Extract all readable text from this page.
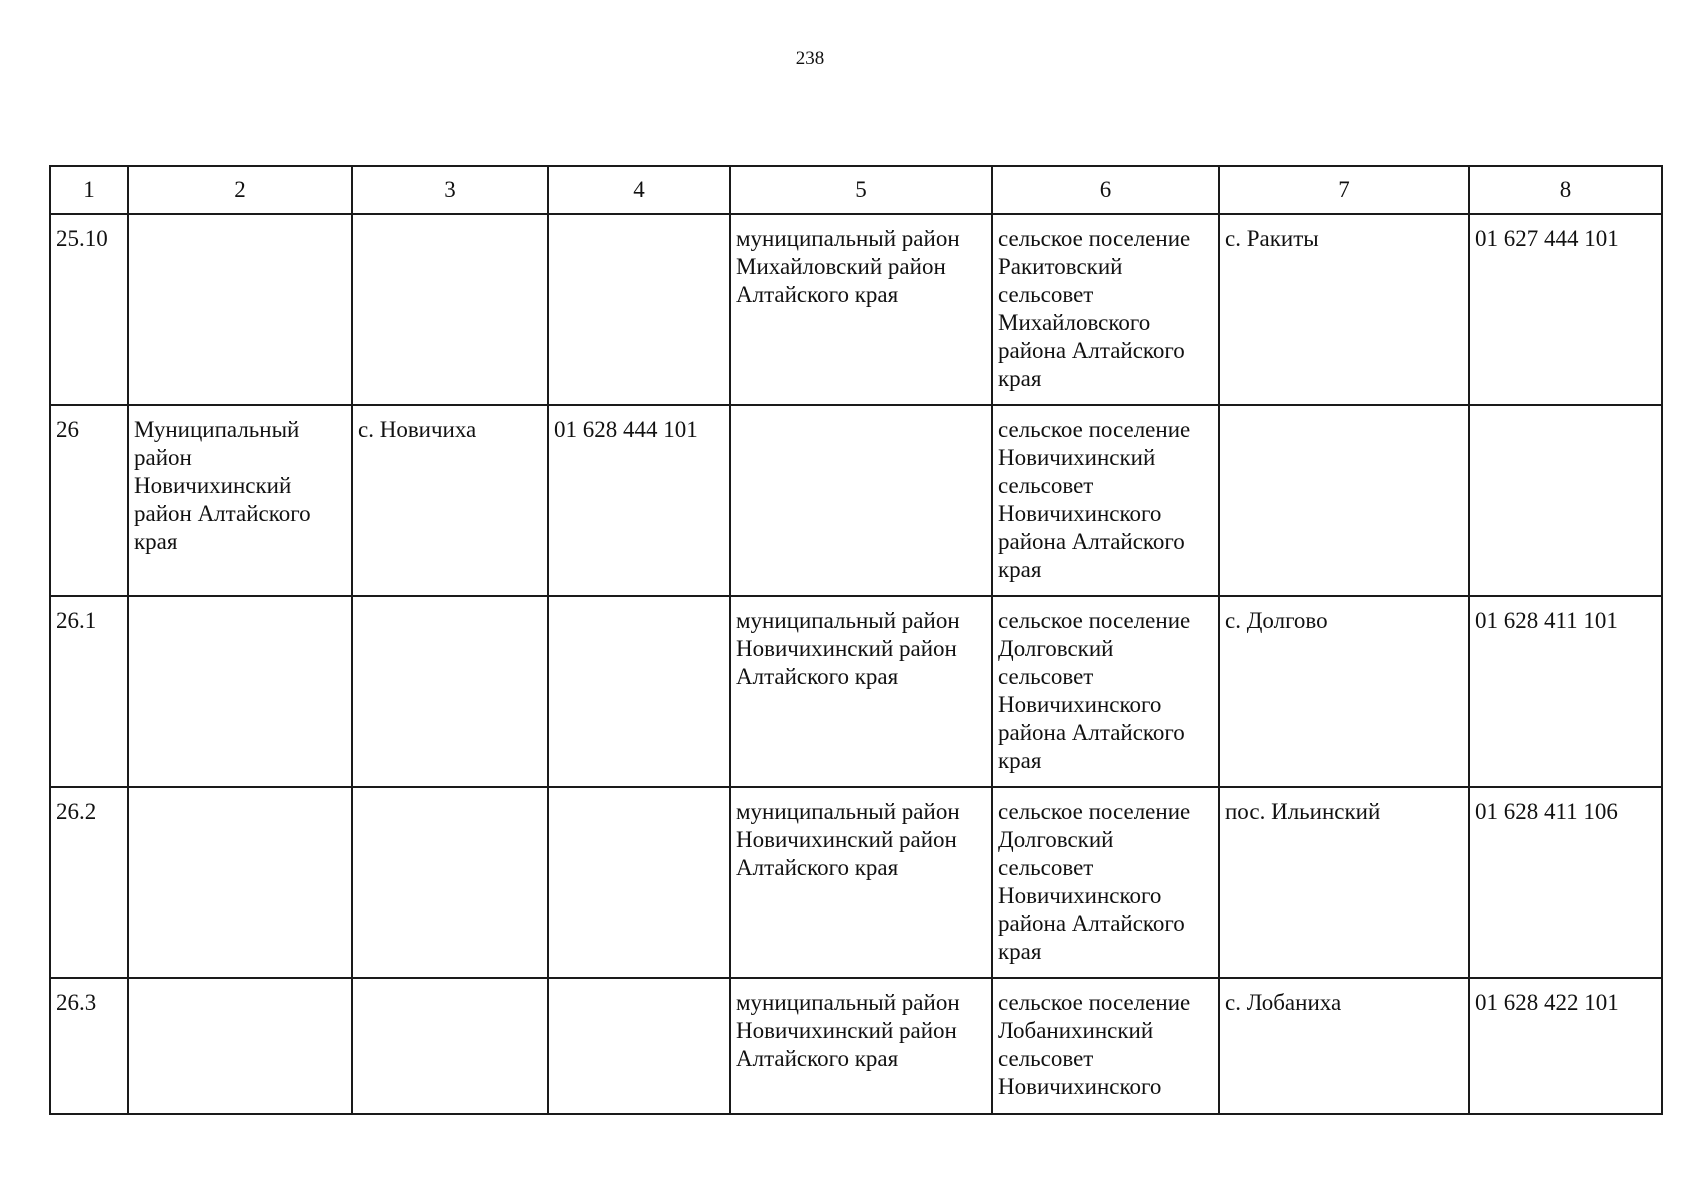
238
1	2	3	4	5	6	7	8
25.10				муниципальный район Михайловский район Алтайского края	сельское поселение Ракитовский сельсовет Михайловского района Алтайского края	с. Ракиты	01 627 444 101
26	Муниципальный район Новичихинский район Алтайского края	с. Новичиха	01 628 444 101		сельское поселение Новичихинский сельсовет Новичихинского района Алтайского края		
26.1				муниципальный район Новичихинский район Алтайского края	сельское поселение Долговский сельсовет Новичихинского района Алтайского края	с. Долгово	01 628 411 101
26.2				муниципальный район Новичихинский район Алтайского края	сельское поселение Долговский сельсовет Новичихинского района Алтайского края	пос. Ильинский	01 628 411 106
26.3				муниципальный район Новичихинский район Алтайского края	сельское поселение Лобанихинский сельсовет Новичихинского	с. Лобаниха	01 628 422 101
